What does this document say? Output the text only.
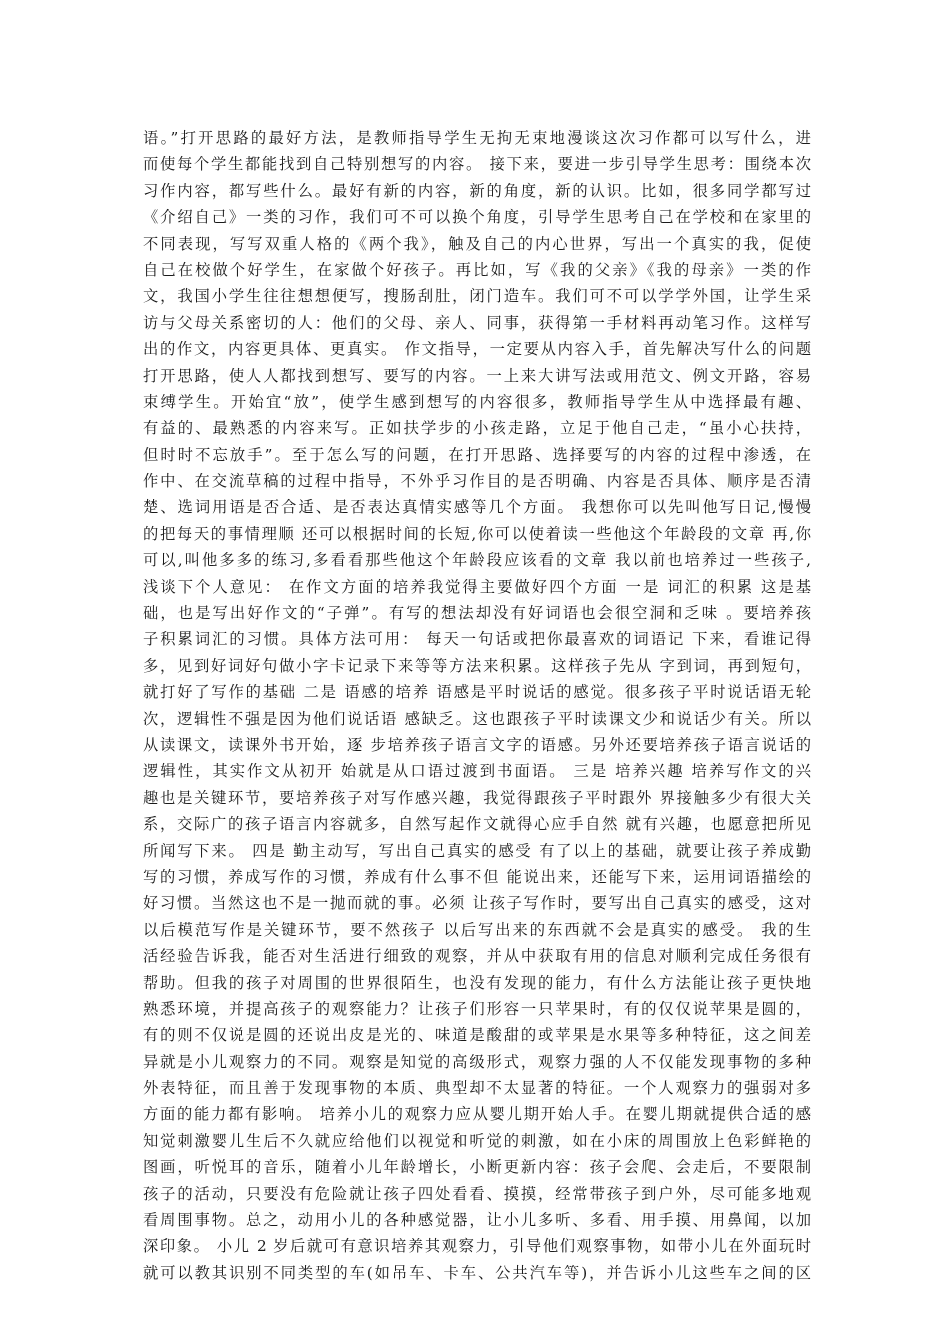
语。”打开思路的最好方法，是教师指导学生无拘无束地漫谈这次习作都可以写什么，进
而使每个学生都能找到自己特别想写的内容。 接下来，要进一步引导学生思考：围绕本次
习作内容，都写些什么。最好有新的内容，新的角度，新的认识。比如，很多同学都写过
《介绍自己》一类的习作，我们可不可以换个角度，引导学生思考自己在学校和在家里的
不同表现，写写双重人格的《两个我》，触及自己的内心世界，写出一个真实的我，促使
自己在校做个好学生，在家做个好孩子。再比如，写《我的父亲》《我的母亲》一类的作
文，我国小学生往往想想便写，搜肠刮肚，闭门造车。我们可不可以学学外国，让学生采
访与父母关系密切的人：他们的父母、亲人、同事，获得第一手材料再动笔习作。这样写
出的作文，内容更具体、更真实。 作文指导，一定要从内容入手，首先解决写什么的问题
打开思路，使人人都找到想写、要写的内容。一上来大讲写法或用范文、例文开路，容易
束缚学生。开始宜“放”，使学生感到想写的内容很多，教师指导学生从中选择最有趣、
有益的、最熟悉的内容来写。正如扶学步的小孩走路，立足于他自己走，“虽小心扶持，
但时时不忘放手”。至于怎么写的问题，在打开思路、选择要写的内容的过程中渗透，在
作中、在交流草稿的过程中指导，不外乎习作目的是否明确、内容是否具体、顺序是否清
楚、选词用语是否合适、是否表达真情实感等几个方面。 我想你可以先叫他写日记,慢慢
的把每天的事情理顺 还可以根据时间的长短,你可以使着读一些他这个年龄段的文章 再,你
可以,叫他多多的练习,多看看那些他这个年龄段应该看的文章 我以前也培养过一些孩子,
浅谈下个人意见： 在作文方面的培养我觉得主要做好四个方面 一是 词汇的积累 这是基
础，也是写出好作文的“子弹”。有写的想法却没有好词语也会很空洞和乏味 。要培养孩
子积累词汇的习惯。具体方法可用： 每天一句话或把你最喜欢的词语记 下来，看谁记得
多，见到好词好句做小字卡记录下来等等方法来积累。这样孩子先从 字到词，再到短句，
就打好了写作的基础 二是 语感的培养 语感是平时说话的感觉。很多孩子平时说话语无轮
次，逻辑性不强是因为他们说话语 感缺乏。这也跟孩子平时读课文少和说话少有关。所以
从读课文，读课外书开始，逐 步培养孩子语言文字的语感。另外还要培养孩子语言说话的
逻辑性，其实作文从初开 始就是从口语过渡到书面语。 三是 培养兴趣 培养写作文的兴
趣也是关键环节，要培养孩子对写作感兴趣，我觉得跟孩子平时跟外 界接触多少有很大关
系，交际广的孩子语言内容就多，自然写起作文就得心应手自然 就有兴趣，也愿意把所见
所闻写下来。 四是 勤主动写，写出自己真实的感受 有了以上的基础，就要让孩子养成勤
写的习惯，养成写作的习惯，养成有什么事不但 能说出来，还能写下来，运用词语描绘的
好习惯。当然这也不是一抛而就的事。必须 让孩子写作时，要写出自己真实的感受，这对
以后模范写作是关键环节，要不然孩子 以后写出来的东西就不会是真实的感受。 我的生
活经验告诉我，能否对生活进行细致的观察，并从中获取有用的信息对顺利完成任务很有
帮助。但我的孩子对周围的世界很陌生，也没有发现的能力，有什么方法能让孩子更快地
熟悉环境，并提高孩子的观察能力？让孩子们形容一只苹果时，有的仅仅说苹果是圆的，
有的则不仅说是圆的还说出皮是光的、味道是酸甜的或苹果是水果等多种特征，这之间差
异就是小儿观察力的不同。观察是知觉的高级形式，观察力强的人不仅能发现事物的多种
外表特征，而且善于发现事物的本质、典型却不太显著的特征。一个人观察力的强弱对多
方面的能力都有影响。 培养小儿的观察力应从婴儿期开始人手。在婴儿期就提供合适的感
知觉刺激婴儿生后不久就应给他们以视觉和听觉的刺激，如在小床的周围放上色彩鲜艳的
图画，听悦耳的音乐，随着小儿年龄增长，小断更新内容：孩子会爬、会走后，不要限制
孩子的活动，只要没有危险就让孩子四处看看、摸摸，经常带孩子到户外，尽可能多地观
看周围事物。总之，动用小儿的各种感觉器，让小儿多听、多看、用手摸、用鼻闻，以加
深印象。 小儿 2 岁后就可有意识培养其观察力，引导他们观察事物，如带小儿在外面玩时
就可以教其识别不同类型的车(如吊车、卡车、公共汽车等)，并告诉小儿这些车之间的区
